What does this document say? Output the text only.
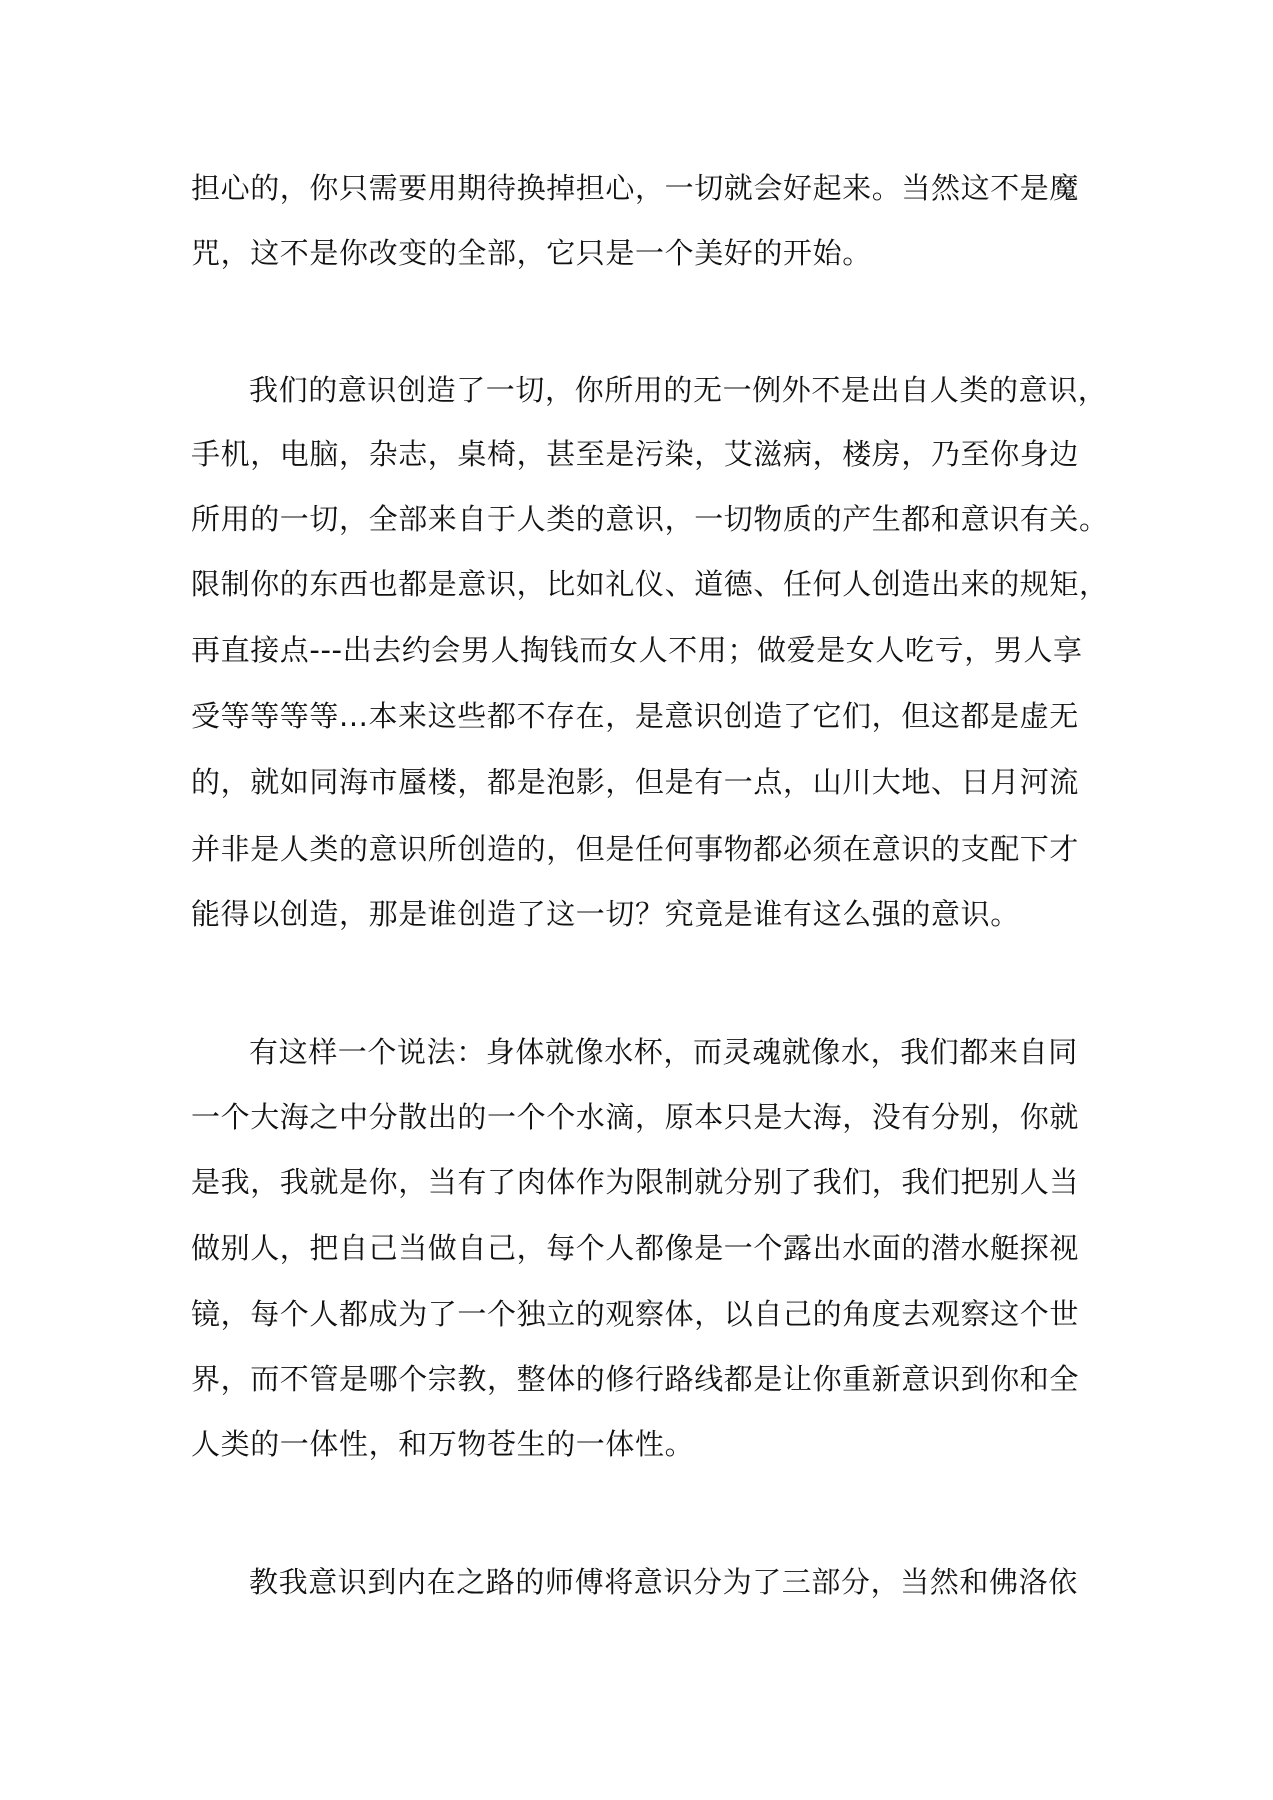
担心的，你只需要用期待换掉担心，一切就会好起来。当然这不是魔
咒，这不是你改变的全部，它只是一个美好的开始。
我们的意识创造了一切，你所用的无一例外不是出自人类的意识，
手机，电脑，杂志，桌椅，甚至是污染，艾滋病，楼房，乃至你身边
所用的一切，全部来自于人类的意识，一切物质的产生都和意识有关。
限制你的东西也都是意识，比如礼仪、道德、任何人创造出来的规矩，
再直接点---出去约会男人掏钱而女人不用；做爱是女人吃亏，男人享
受等等等等...本来这些都不存在，是意识创造了它们，但这都是虚无
的，就如同海市蜃楼，都是泡影，但是有一点，山川大地、日月河流
并非是人类的意识所创造的，但是任何事物都必须在意识的支配下才
能得以创造，那是谁创造了这一切？究竟是谁有这么强的意识。
有这样一个说法：身体就像水杯，而灵魂就像水，我们都来自同
一个大海之中分散出的一个个水滴，原本只是大海，没有分别，你就
是我，我就是你，当有了肉体作为限制就分别了我们，我们把别人当
做别人，把自己当做自己，每个人都像是一个露出水面的潜水艇探视
镜，每个人都成为了一个独立的观察体，以自己的角度去观察这个世
界，而不管是哪个宗教，整体的修行路线都是让你重新意识到你和全
人类的一体性，和万物苍生的一体性。
教我意识到内在之路的师傅将意识分为了三部分，当然和佛洛依
